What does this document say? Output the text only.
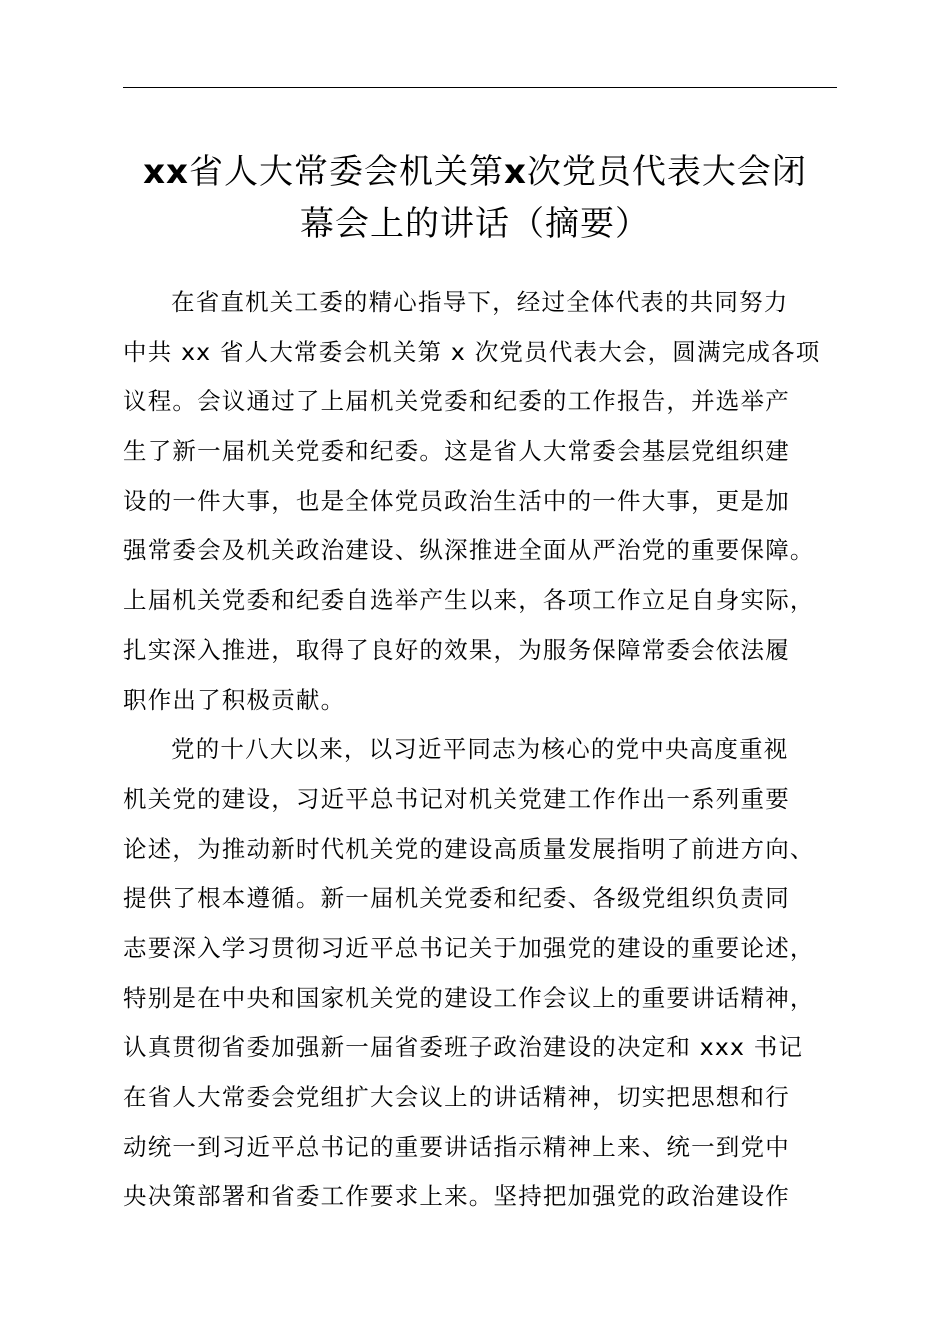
xx省人大常委会机关第x次党员代表大会闭
幕会上的讲话（摘要）
在省直机关工委的精心指导下，经过全体代表的共同努力
中共 xx 省人大常委会机关第 x 次党员代表大会，圆满完成各项
议程。会议通过了上届机关党委和纪委的工作报告，并选举产
生了新一届机关党委和纪委。这是省人大常委会基层党组织建
设的一件大事，也是全体党员政治生活中的一件大事，更是加
强常委会及机关政治建设、纵深推进全面从严治党的重要保障。
上届机关党委和纪委自选举产生以来，各项工作立足自身实际，
扎实深入推进，取得了良好的效果，为服务保障常委会依法履
职作出了积极贡献。
党的十八大以来，以习近平同志为核心的党中央高度重视
机关党的建设，习近平总书记对机关党建工作作出一系列重要
论述，为推动新时代机关党的建设高质量发展指明了前进方向、
提供了根本遵循。新一届机关党委和纪委、各级党组织负责同
志要深入学习贯彻习近平总书记关于加强党的建设的重要论述，
特别是在中央和国家机关党的建设工作会议上的重要讲话精神，
认真贯彻省委加强新一届省委班子政治建设的决定和 xxx 书记
在省人大常委会党组扩大会议上的讲话精神，切实把思想和行
动统一到习近平总书记的重要讲话指示精神上来、统一到党中
央决策部署和省委工作要求上来。坚持把加强党的政治建设作
